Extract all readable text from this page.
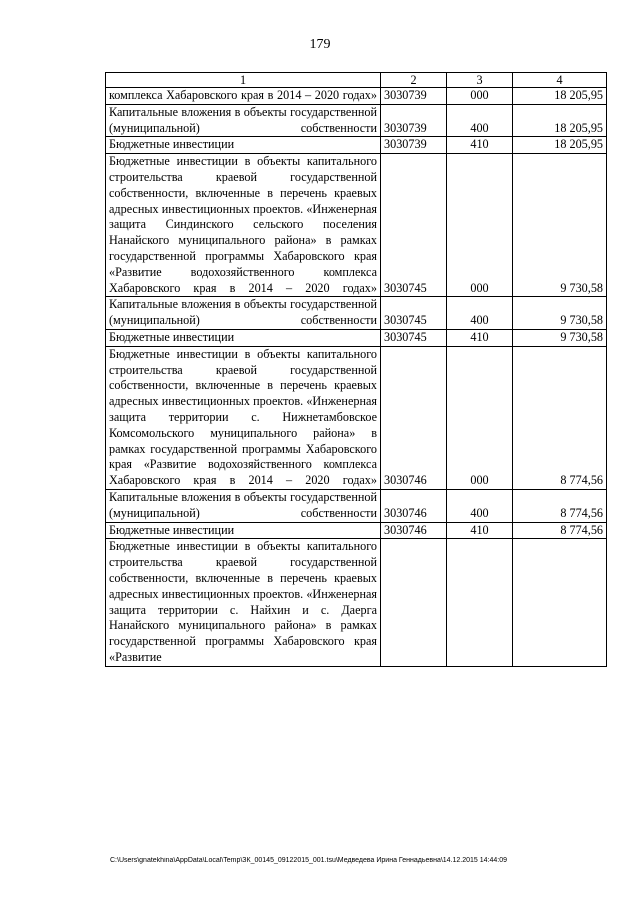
179
1	2	3	4
комплекса Хабаровского края в 2014 – 2020 годах»	3030739	000	18 205,95
Капитальные вложения в объекты государственной (муниципальной) собственности	3030739	400	18 205,95
Бюджетные инвестиции	3030739	410	18 205,95
Бюджетные инвестиции в объекты капитального строительства краевой государственной собственности, включенные в перечень краевых адресных инвестиционных проектов. «Инженерная защита Синдинского сельского поселения Нанайского муниципального района» в рамках государственной программы Хабаровского края «Развитие водохозяйственного комплекса Хабаровского края в 2014 – 2020 годах»	3030745	000	9 730,58
Капитальные вложения в объекты государственной (муниципальной) собственности	3030745	400	9 730,58
Бюджетные инвестиции	3030745	410	9 730,58
Бюджетные инвестиции в объекты капитального строительства краевой государственной собственности, включенные в перечень краевых адресных инвестиционных проектов. «Инженерная защита территории с. Нижнетамбовское Комсомольского муниципального района» в рамках государственной программы Хабаровского края «Развитие водохозяйственного комплекса Хабаровского края в 2014 – 2020 годах»	3030746	000	8 774,56
Капитальные вложения в объекты государственной (муниципальной) собственности	3030746	400	8 774,56
Бюджетные инвестиции	3030746	410	8 774,56
Бюджетные инвестиции в объекты капитального строительства краевой государственной собственности, включенные в перечень краевых адресных инвестиционных проектов. «Инженерная защита территории с. Найхин и с. Даерга Нанайского муниципального района» в рамках государственной программы Хабаровского края «Развитие			
C:\Users\gnatekhina\AppData\Local\Temp\ЗК_00145_09122015_001.tsu\Медведева Ирина Геннадьевна\14.12.2015 14:44:09
